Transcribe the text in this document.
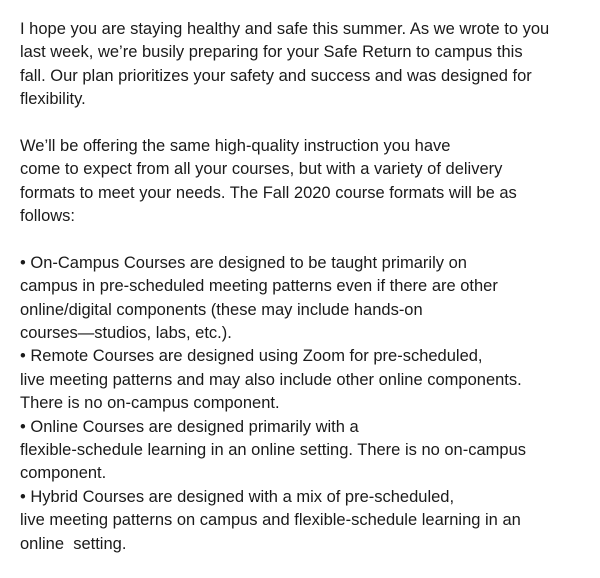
I hope you are staying healthy and safe this summer. As we wrote to you
last week, we’re busily preparing for your Safe Return to campus this
fall. Our plan prioritizes your safety and success and was designed for
flexibility.
We’ll be offering the same high-quality instruction you have
come to expect from all your courses, but with a variety of delivery
formats to meet your needs. The Fall 2020 course formats will be as
follows:
• On-Campus Courses are designed to be taught primarily on
campus in pre-scheduled meeting patterns even if there are other
online/digital components (these may include hands-on
courses—studios, labs, etc.).
• Remote Courses are designed using Zoom for pre-scheduled,
live meeting patterns and may also include other online components.
There is no on-campus component.
• Online Courses are designed primarily with a
flexible-schedule learning in an online setting. There is no on-campus
component.
• Hybrid Courses are designed with a mix of pre-scheduled,
live meeting patterns on campus and flexible-schedule learning in an
online  setting.
